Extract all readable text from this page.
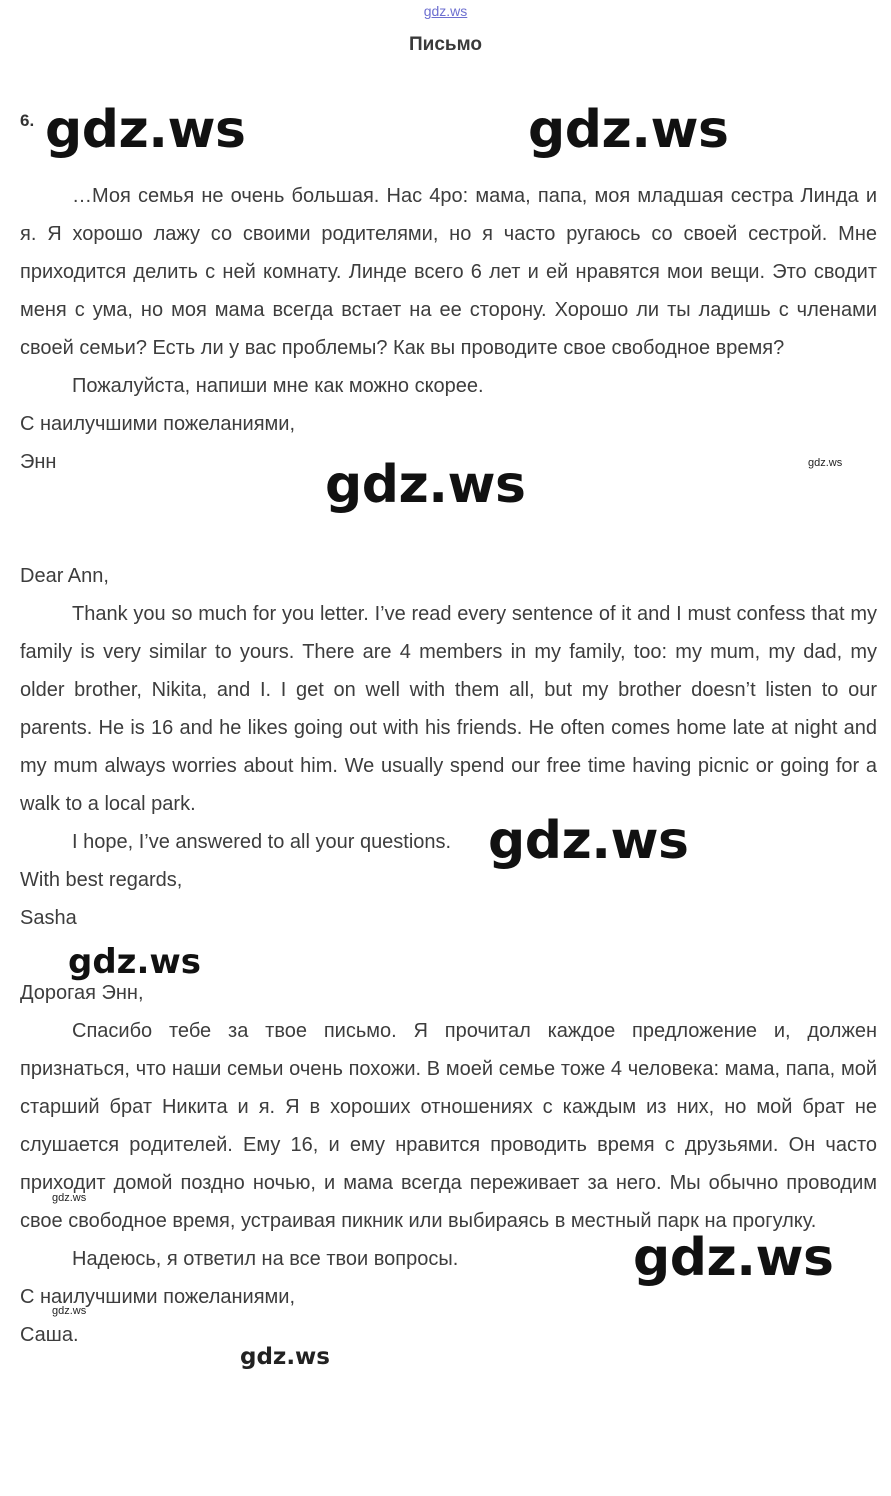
gdz.ws
Письмо
6.

…Моя семья не очень большая. Нас 4ро: мама, папа, моя младшая сестра Линда и я. Я хорошо лажу со своими родителями, но я часто ругаюсь со своей сестрой. Мне приходится делить с ней комнату. Линде всего 6 лет и ей нравятся мои вещи. Это сводит меня с ума, но моя мама всегда встает на ее сторону. Хорошо ли ты ладишь с членами своей семьи? Есть ли у вас проблемы? Как вы проводите свое свободное время?

Пожалуйста, напиши мне как можно скорее.

С наилучшими пожеланиями,

Энн

Dear Ann,

Thank you so much for you letter. I’ve read every sentence of it and I must confess that my family is very similar to yours. There are 4 members in my family, too: my mum, my dad, my older brother, Nikita, and I. I get on well with them all, but my brother doesn’t listen to our parents. He is 16 and he likes going out with his friends. He often comes home late at night and my mum always worries about him. We usually spend our free time having picnic or going for a walk to a local park.

I hope, I’ve answered to all your questions.

With best regards,

Sasha

Дорогая Энн,

Спасибо тебе за твое письмо. Я прочитал каждое предложение и, должен признаться, что наши семьи очень похожи. В моей семье тоже 4 человека: мама, папа, мой старший брат Никита и я. Я в хороших отношениях с каждым из них, но мой брат не слушается родителей. Ему 16, и ему нравится проводить время с друзьями. Он часто приходит домой поздно ночью, и мама всегда переживает за него. Мы обычно проводим свое свободное время, устраивая пикник или выбираясь в местный парк на прогулку.

Надеюсь, я ответил на все твои вопросы.

С наилучшими пожеланиями,

Саша.

gdz.ws	gdz.ws
gdz.ws	gdz.ws
gdz.ws
gdz.ws
gdz.ws
gdz.ws
gdz.ws
gdz.ws
